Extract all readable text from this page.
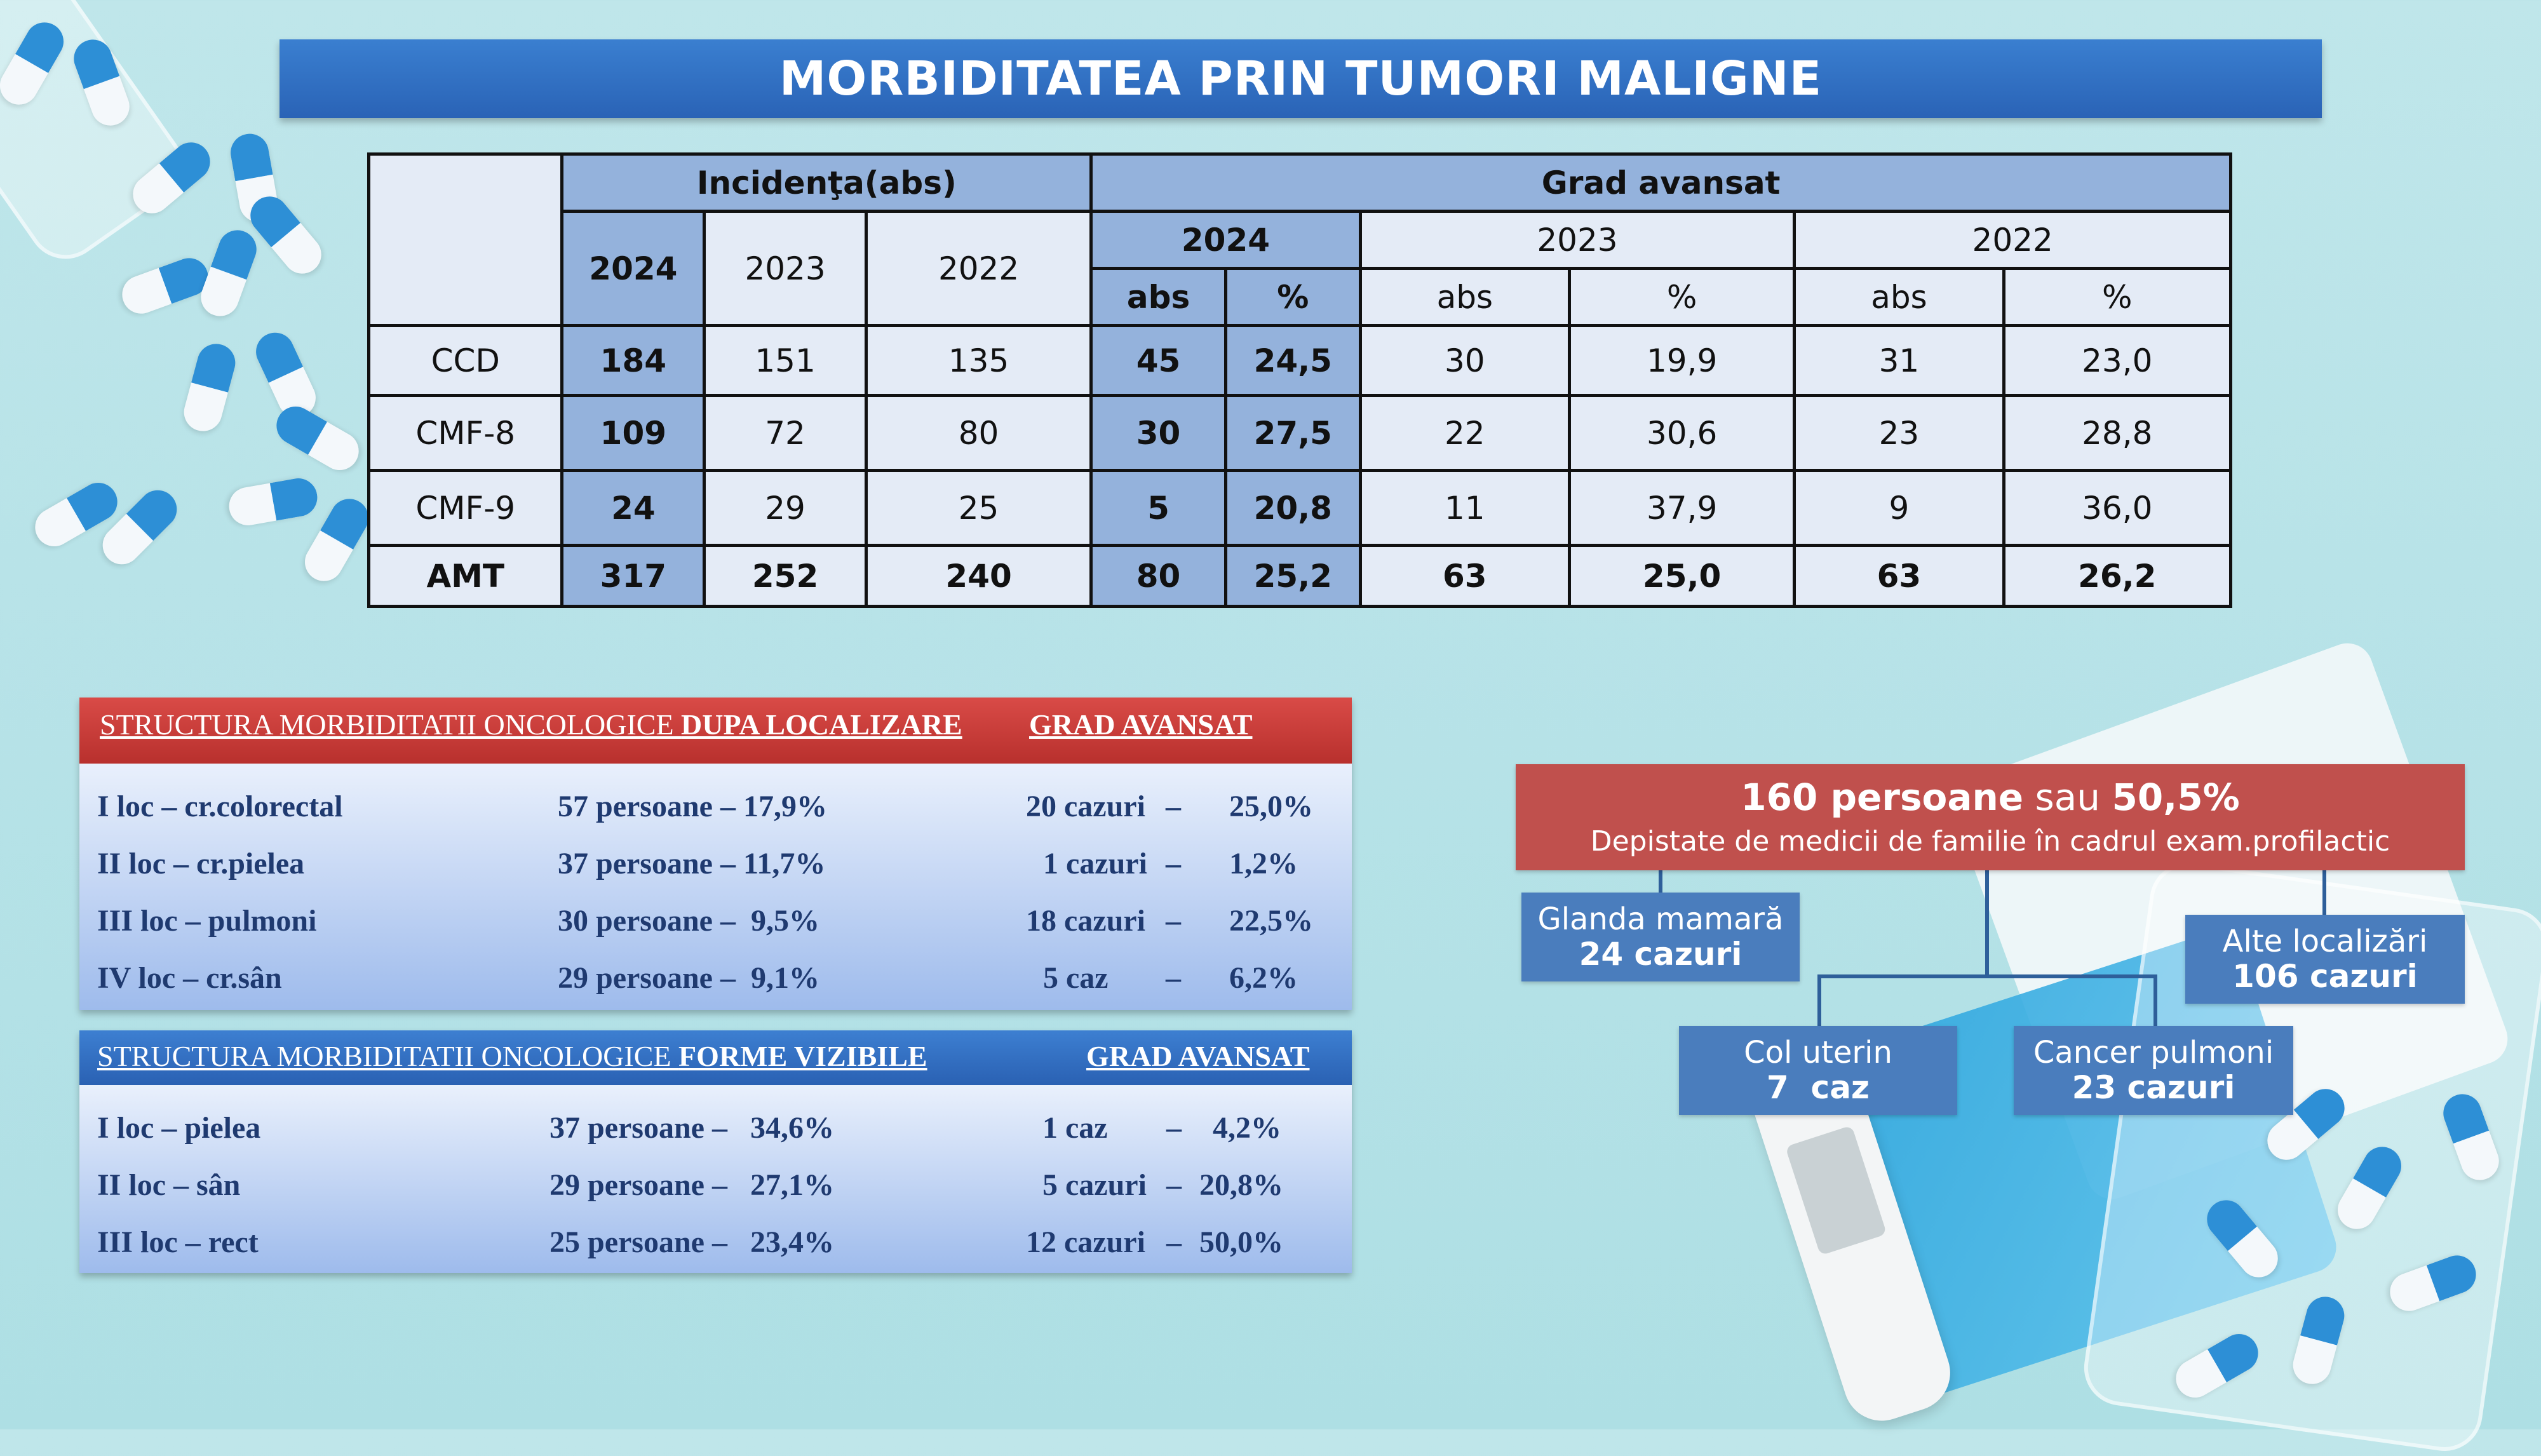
MORBIDITATEA PRIN TUMORI MALIGNE
	Incidenţa(abs)			Grad avansat					
	2024	2023	2022	2024		2023		2022	
				abs	%	abs	%	abs	%
CCD	184	151	135	45	24,5	30	19,9	31	23,0
CMF-8	109	72	80	30	27,5	22	30,6	23	28,8
CMF-9	24	29	25	5	20,8	11	37,9	9	36,0
AMT	317	252	240	80	25,2	63	25,0	63	26,2
STRUCTURA MORBIDITATII ONCOLOGICE DUPA LOCALIZARE GRAD AVANSAT
I loc – cr.colorectal	57 persoane – 17,9%	20 cazuri – 25,0%
II loc – cr.pielea	37 persoane – 11,7%	1 cazuri – 1,2%
III loc – pulmoni	30 persoane –  9,5%	18 cazuri – 22,5%
IV loc – cr.sân	29 persoane –  9,1%	5 caz – 6,2%
STRUCTURA MORBIDITATII ONCOLOGICE FORME VIZIBILE	GRAD AVANSAT
I loc – pielea	37 persoane –   34,6%	1 caz – 4,2%
II loc – sân	29 persoane –   27,1%	5 cazuri – 20,8%
III loc – rect	25 persoane –   23,4%	12 cazuri – 50,0%
160 persoane sau 50,5%
Depistate de medicii de familie în cadrul exam.profilactic
Glanda mamară
24 cazuri
Col uterin
7  caz
Cancer pulmoni
23 cazuri
Alte localizări
106 cazuri
